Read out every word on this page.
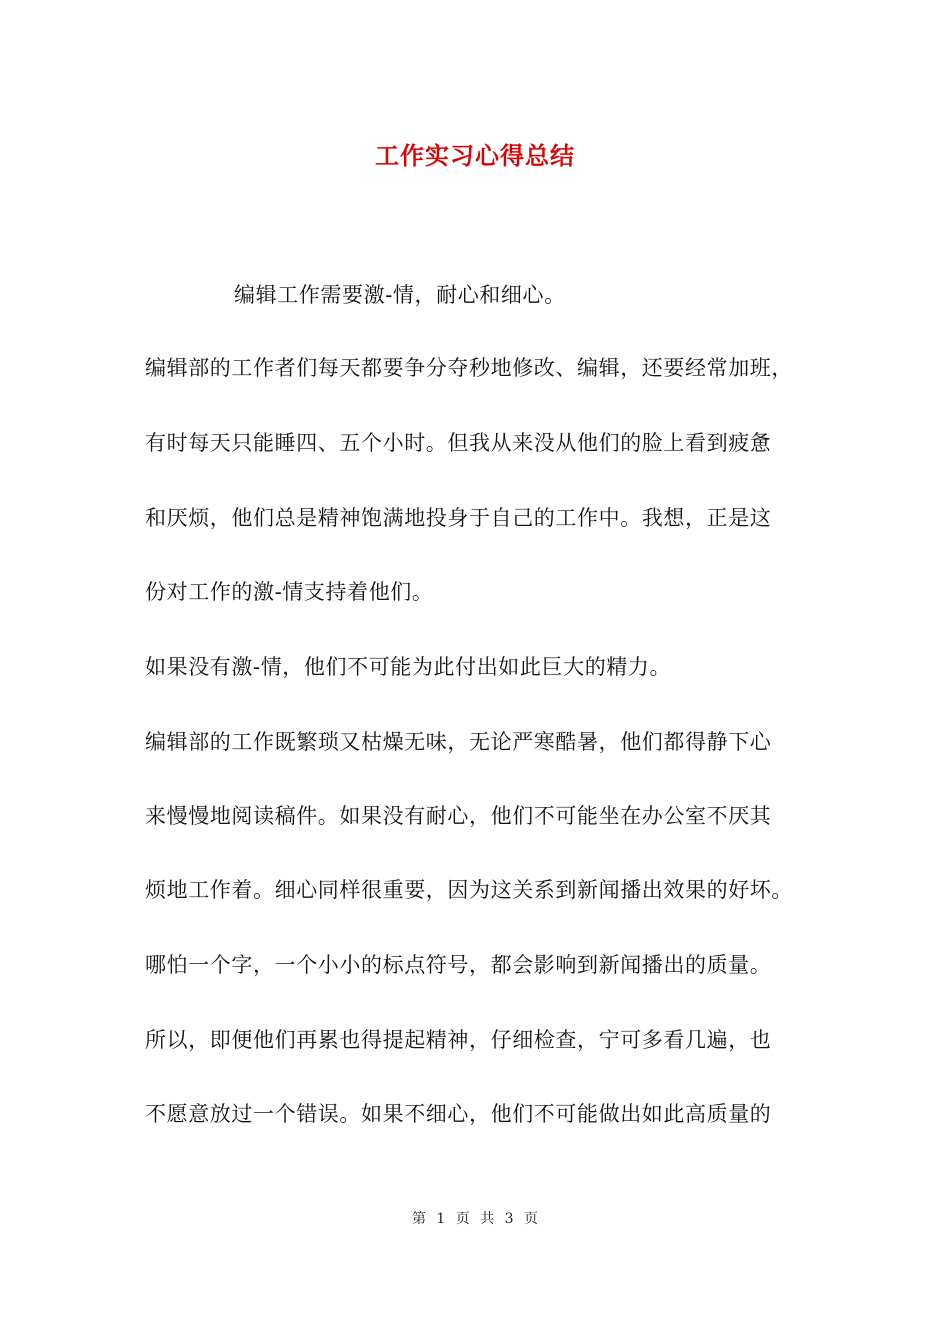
工作实习心得总结
编辑工作需要激-情，耐心和细心。
编辑部的工作者们每天都要争分夺秒地修改、编辑，还要经常加班，
有时每天只能睡四、五个小时。但我从来没从他们的脸上看到疲惫
和厌烦，他们总是精神饱满地投身于自己的工作中。我想，正是这
份对工作的激-情支持着他们。
如果没有激-情，他们不可能为此付出如此巨大的精力。
编辑部的工作既繁琐又枯燥无味，无论严寒酷暑，他们都得静下心
来慢慢地阅读稿件。如果没有耐心，他们不可能坐在办公室不厌其
烦地工作着。细心同样很重要，因为这关系到新闻播出效果的好坏。
哪怕一个字，一个小小的标点符号，都会影响到新闻播出的质量。
所以，即便他们再累也得提起精神，仔细检查，宁可多看几遍，也
不愿意放过一个错误。如果不细心，他们不可能做出如此高质量的
第 1 页 共 3 页
